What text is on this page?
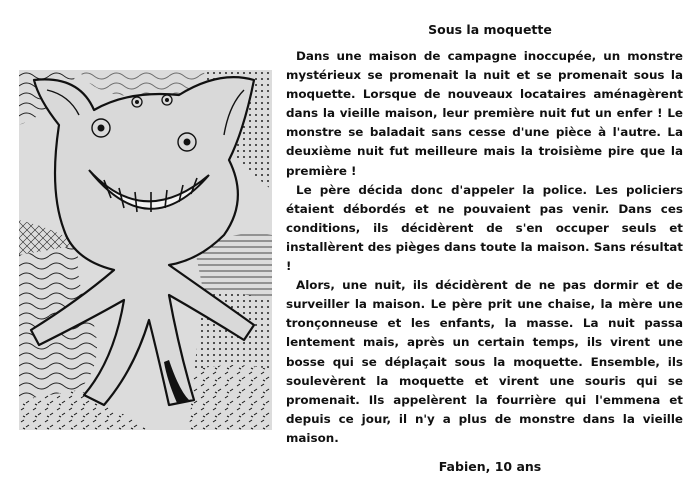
Sous la moquette

Dans une maison de campagne inoccupée, un monstre mystérieux se promenait la nuit et se promenait sous la moquette. Lorsque de nouveaux locataires aménagèrent dans la vieille maison, leur première nuit fut un enfer ! Le monstre se baladait sans cesse d'une pièce à l'autre. La deuxième nuit fut meilleure mais la troisième pire que la première !

Le père décida donc d'appeler la police. Les policiers étaient débordés et ne pouvaient pas venir. Dans ces conditions, ils décidèrent de s'en occuper seuls et installèrent des pièges dans toute la maison. Sans résultat !

Alors, une nuit, ils décidèrent de ne pas dormir et de surveiller la maison. Le père prit une chaise, la mère une tronçonneuse et les enfants, la masse. La nuit passa lentement mais, après un certain temps, ils virent une bosse qui se déplaçait sous la moquette. Ensemble, ils soulevèrent la moquette et virent une souris qui se promenait. Ils appelèrent la fourrière qui l'emmena et depuis ce jour, il n'y a plus de monstre dans la vieille maison.

Fabien, 10 ans
